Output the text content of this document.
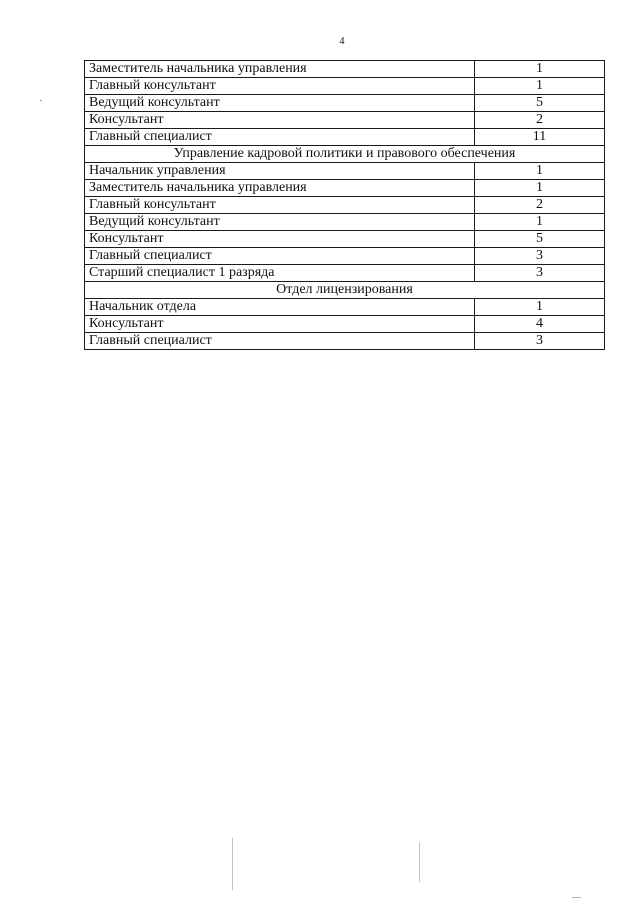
4
Заместитель начальника управления	1
Главный консультант	1
Ведущий консультант	5
Консультант	2
Главный специалист	11
Управление кадровой политики и правового обеспечения	
Начальник управления	1
Заместитель начальника управления	1
Главный консультант	2
Ведущий консультант	1
Консультант	5
Главный специалист	3
Старший специалист 1 разряда	3
Отдел лицензирования	
Начальник отдела	1
Консультант	4
Главный специалист	3
